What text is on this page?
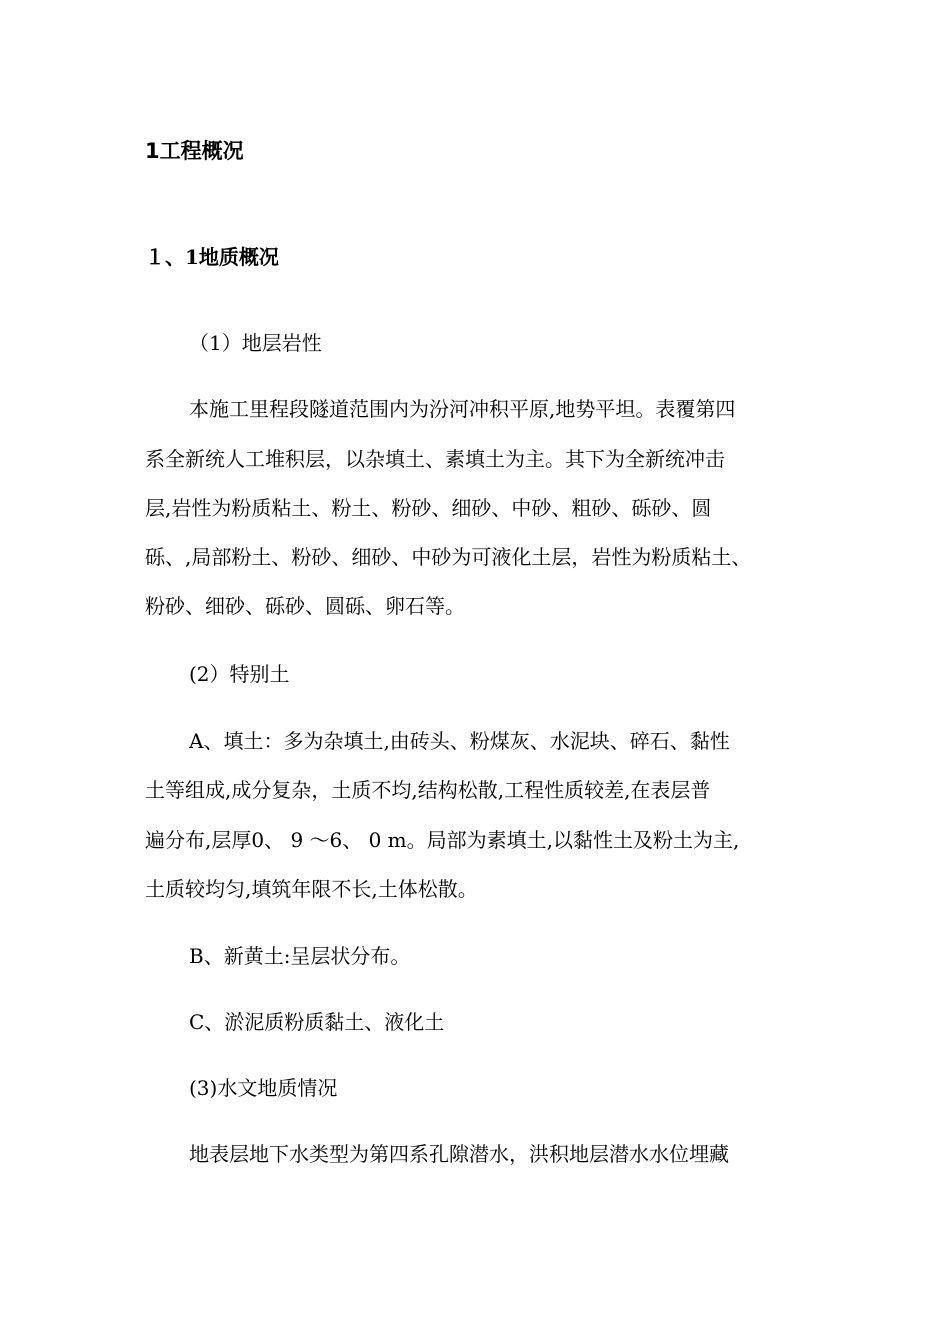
1工程概况
１、1地质概况

（1）地层岩性

本施工里程段隧道范围内为汾河冲积平原,地势平坦。表覆第四

系全新统人工堆积层，以杂填土、素填土为主。其下为全新统冲击

层,岩性为粉质粘土、粉土、粉砂、细砂、中砂、粗砂、砾砂、圆

砾、,局部粉土、粉砂、细砂、中砂为可液化土层，岩性为粉质粘土、

粉砂、细砂、砾砂、圆砾、卵石等。

(2）特别土

A、填土：多为杂填土,由砖头、粉煤灰、水泥块、碎石、黏性

土等组成,成分复杂，土质不均,结构松散,工程性质较差,在表层普

遍分布,层厚0、 9 ～6、 0 m。局部为素填土,以黏性土及粉土为主,

土质较均匀,填筑年限不长,土体松散。

B、新黄土:呈层状分布。

C、淤泥质粉质黏土、液化土

(3)水文地质情况

地表层地下水类型为第四系孔隙潜水，洪积地层潜水水位埋藏
